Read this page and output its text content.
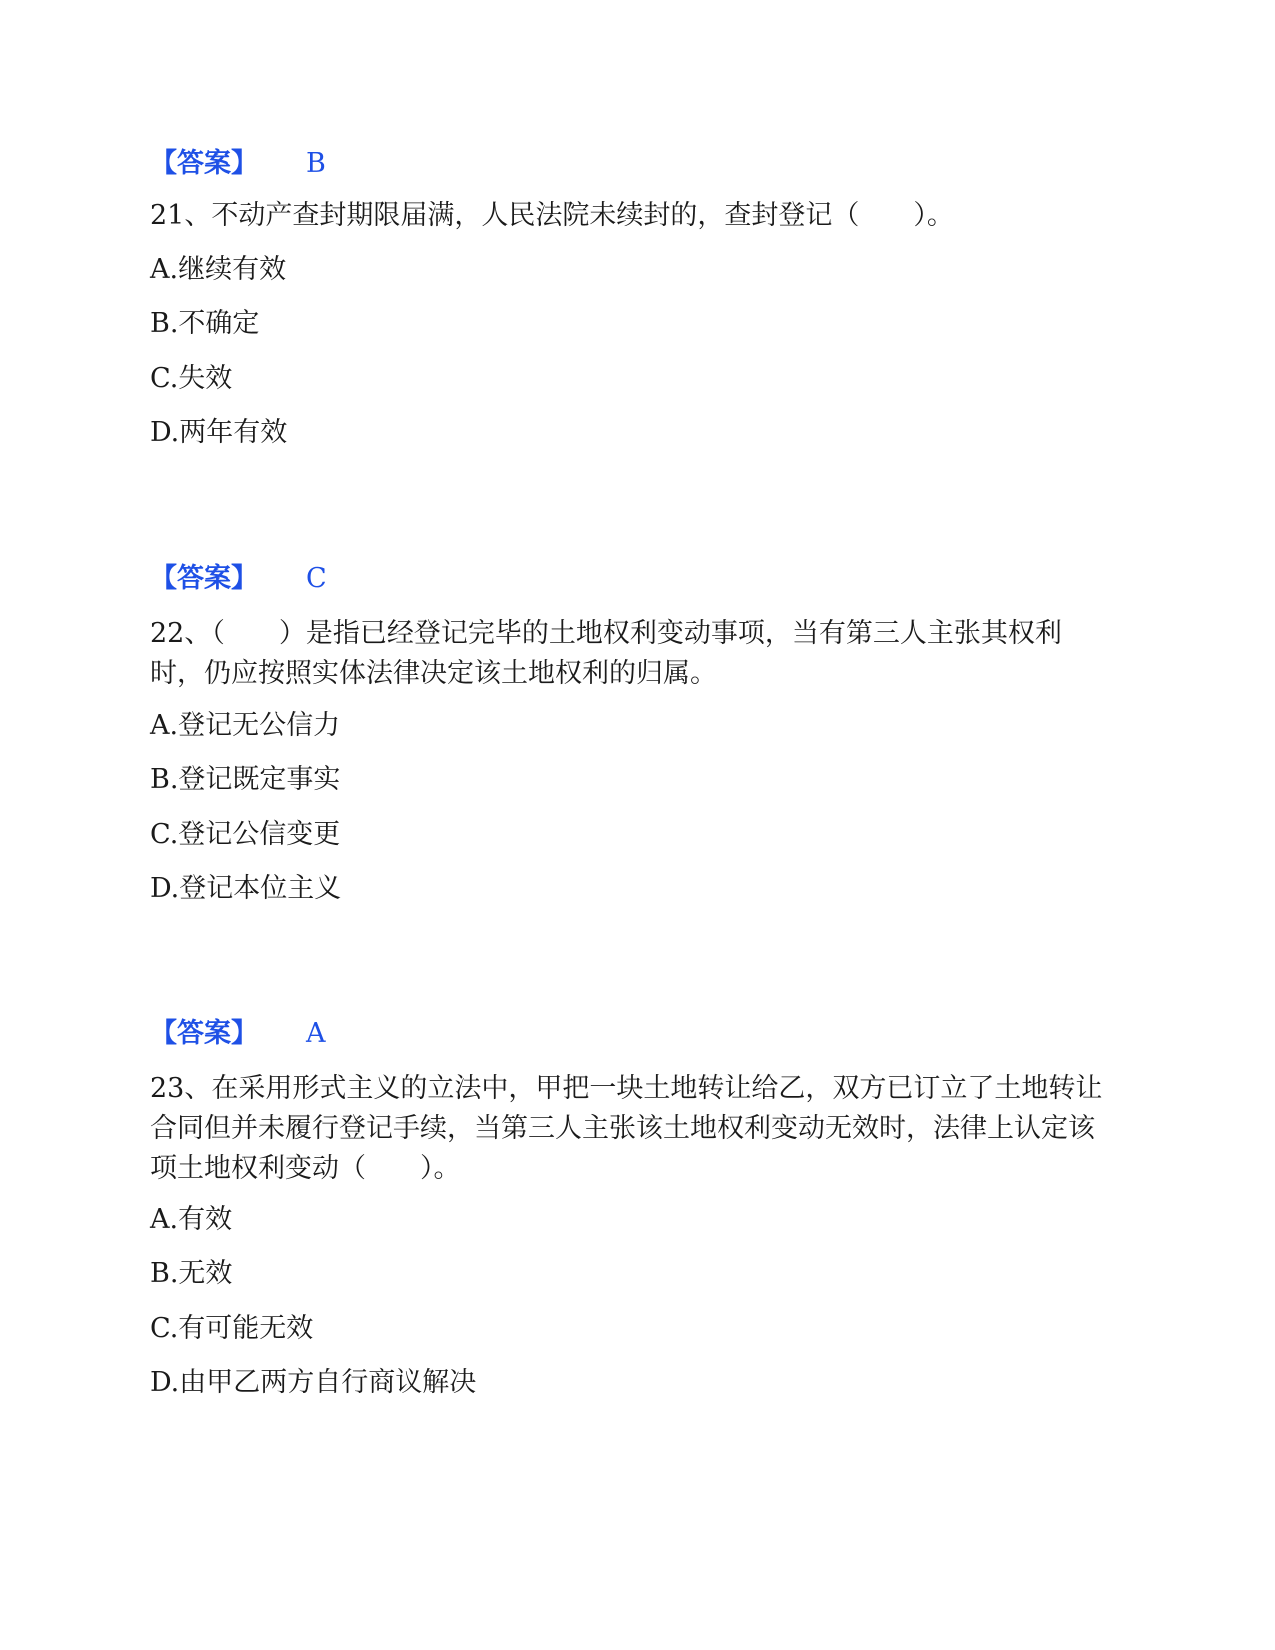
【答案】 B

21、不动产查封期限届满，人民法院未续封的，查封登记（　　）。

A.继续有效
B.不确定
C.失效
D.两年有效
【答案】 C

22、（　　）是指已经登记完毕的土地权利变动事项，当有第三人主张其权利时，仍应按照实体法律决定该土地权利的归属。

A.登记无公信力
B.登记既定事实
C.登记公信变更
D.登记本位主义
【答案】 A

23、在采用形式主义的立法中，甲把一块土地转让给乙，双方已订立了土地转让合同但并未履行登记手续，当第三人主张该土地权利变动无效时，法律上认定该项土地权利变动（　　）。

A.有效
B.无效
C.有可能无效
D.由甲乙两方自行商议解决
